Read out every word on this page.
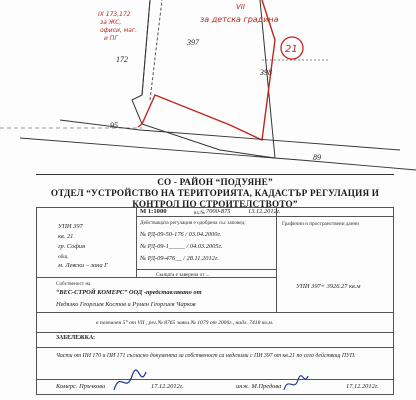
VII
за детска градина
IX 173,172
за ЖС,
офиси, маг.
и ПГ
172
397
398
95
89
21
СО - РАЙОН “ПОДУЯНЕ”
ОТДЕЛ “УСТРОЙСТВО НА ТЕРИТОРИЯТА, КАДАСТЪР РЕГУЛАЦИЯ И
КОНТРОЛ ПО СТРОИТЕЛСТВОТО”
М 1:1000	вх.№ 7000-875	13.12.2012г.
УПИ 397
кв. 21
гр. София
общ.
м. Левски – зона Г
Действащата регулация е одобрена със заповед:
№ РД-09-50-176 / 03.04.2000г.
№ РД-09-1_____ / 04.03.2005г.
№ РД-09-476__ / 28.11.2012г.
Скицата е заверена от ...
Графични и пространствени данни
Собственост на
“ВЕС-СТРОЙ КОМЕРС” ООД -представлявано от
Недялко Георгиев Костов и Румен Георгиев Чарков
УПИ 397= 3926.27 кв.м
в поземлен 5° от VII , рег.№ 8765 заявл.№ 1079 от 2000г., надл. 7418 кв.м.
ЗАБЕЛЕЖКА:
Части от ПИ 170 и ПИ 171 съгласно документа за собственост са неделими с ПИ 397 от кв.21 по сега действащ ПУП.
Комерс. Пръчкова	17.12.2012г.	инж. М.Предова	17.12.2012г.
